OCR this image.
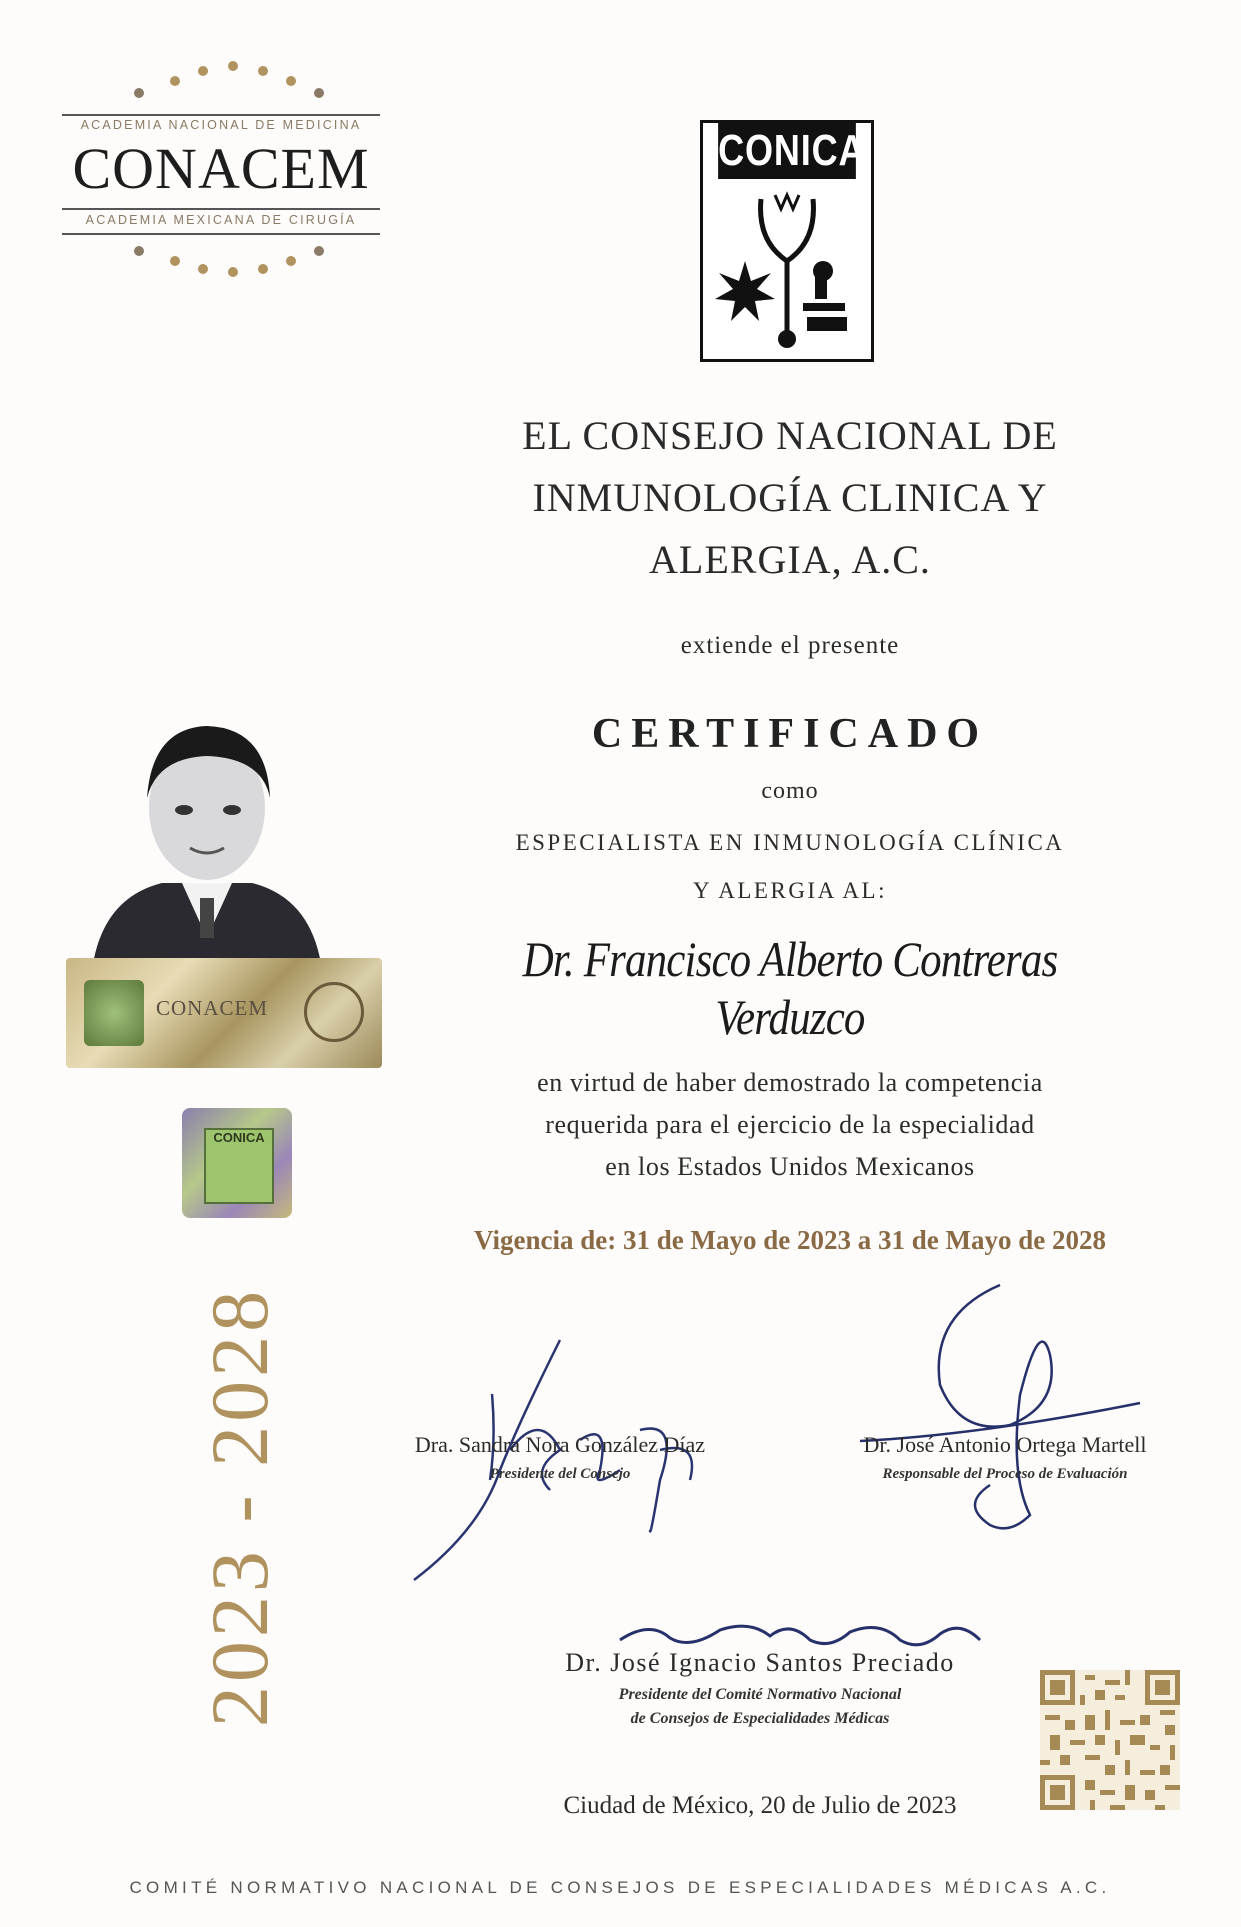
ACADEMIA NACIONAL DE MEDICINA
CONACEM
ACADEMIA MEXICANA DE CIRUGÍA
CONICA
EL CONSEJO NACIONAL DE
INMUNOLOGÍA CLINICA Y
ALERGIA, A.C.
extiende el presente
CERTIFICADO
como
ESPECIALISTA EN INMUNOLOGÍA CLÍNICA
Y ALERGIA AL:
Dr. Francisco Alberto Contreras Verduzco
en virtud de haber demostrado la competencia
requerida para el ejercicio de la especialidad
en los Estados Unidos Mexicanos
Vigencia de: 31 de Mayo de 2023 a 31 de Mayo de 2028
CONACEM
CONICA
2023 - 2028	Dra. Sandra Nora González Díaz
Presidente del Consejo
Dr. José Antonio Ortega Martell
Responsable del Proceso de Evaluación
Dr. José Ignacio Santos Preciado
Presidente del Comité Normativo Nacional
de Consejos de Especialidades Médicas
Ciudad de México, 20 de Julio de 2023
COMITÉ NORMATIVO NACIONAL DE CONSEJOS DE ESPECIALIDADES MÉDICAS A.C.
